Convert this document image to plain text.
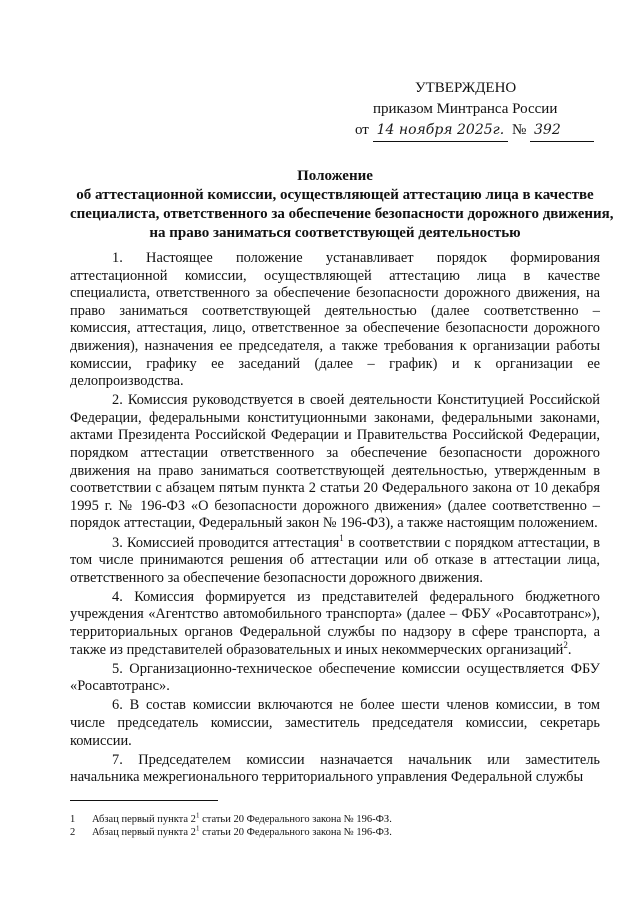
УТВЕРЖДЕНО
приказом Минтранса России
от 14 ноября 2025г. № 392
Положение
об аттестационной комиссии, осуществляющей аттестацию лица в качестве
специалиста, ответственного за обеспечение безопасности дорожного движения,
на право заниматься соответствующей деятельностью

1. Настоящее положение устанавливает порядок формирования аттестационной комиссии, осуществляющей аттестацию лица в качестве специалиста, ответственного за обеспечение безопасности дорожного движения, на право заниматься соответствующей деятельностью (далее соответственно – комиссия, аттестация, лицо, ответственное за обеспечение безопасности дорожного движения), назначения ее председателя, а также требования к организации работы комиссии, графику ее заседаний (далее – график) и к организации ее делопроизводства.

2. Комиссия руководствуется в своей деятельности Конституцией Российской Федерации, федеральными конституционными законами, федеральными законами, актами Президента Российской Федерации и Правительства Российской Федерации, порядком аттестации ответственного за обеспечение безопасности дорожного движения на право заниматься соответствующей деятельностью, утвержденным в соответствии с абзацем пятым пункта 2 статьи 20 Федерального закона от 10 декабря 1995 г. № 196-ФЗ «О безопасности дорожного движения» (далее соответственно – порядок аттестации, Федеральный закон № 196-ФЗ), а также настоящим положением.

3. Комиссией проводится аттестация$^1$ в соответствии с порядком аттестации, в том числе принимаются решения об аттестации или об отказе в аттестации лица, ответственного за обеспечение безопасности дорожного движения.

4. Комиссия формируется из представителей федерального бюджетного учреждения «Агентство автомобильного транспорта» (далее – ФБУ «Росавтотранс»), территориальных органов Федеральной службы по надзору в сфере транспорта, а также из представителей образовательных и иных некоммерческих организаций$^2$.

5. Организационно-техническое обеспечение комиссии осуществляется ФБУ «Росавтотранс».

6. В состав комиссии включаются не более шести членов комиссии, в том числе председатель комиссии, заместитель председателя комиссии, секретарь комиссии.

7. Председателем комиссии назначается начальник или заместитель начальника межрегионального территориального управления Федеральной службы

1	Абзац первый пункта $2^1$ статьи 20 Федерального закона № 196-ФЗ.
2	Абзац первый пункта $2^1$ статьи 20 Федерального закона № 196-ФЗ.
